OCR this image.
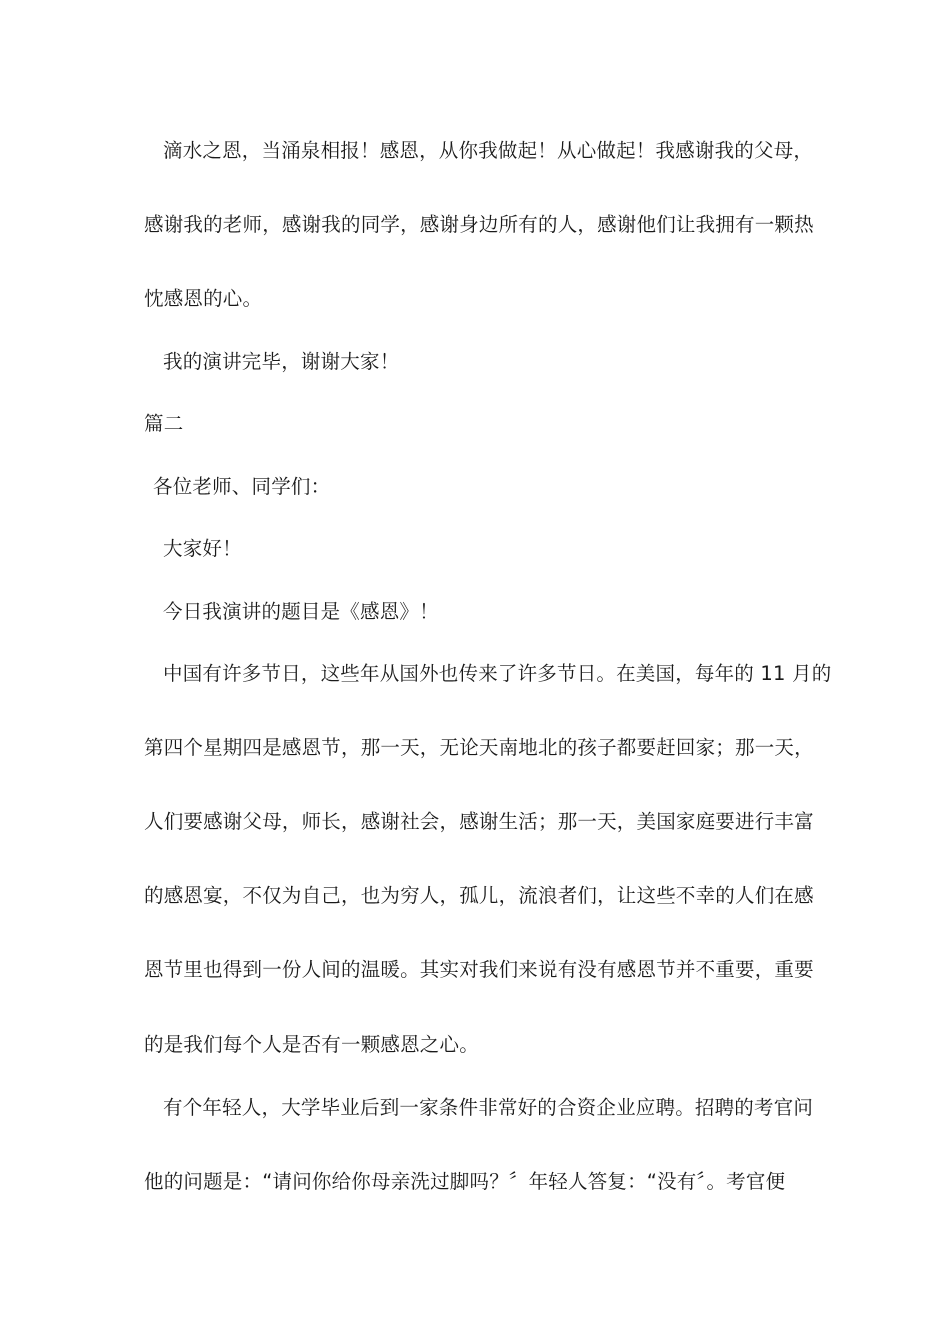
滴水之恩，当涌泉相报！感恩，从你我做起！从心做起！我感谢我的父母，
感谢我的老师，感谢我的同学，感谢身边所有的人，感谢他们让我拥有一颗热
忱感恩的心。
我的演讲完毕，谢谢大家！
篇二
各位老师、同学们：
大家好！
今日我演讲的题目是《感恩》！
中国有许多节日，这些年从国外也传来了许多节日。在美国，每年的 11 月的
第四个星期四是感恩节，那一天，无论天南地北的孩子都要赶回家；那一天，
人们要感谢父母，师长，感谢社会，感谢生活；那一天，美国家庭要进行丰富
的感恩宴，不仅为自己，也为穷人，孤儿，流浪者们，让这些不幸的人们在感
恩节里也得到一份人间的温暖。其实对我们来说有没有感恩节并不重要，重要
的是我们每个人是否有一颗感恩之心。
有个年轻人，大学毕业后到一家条件非常好的合资企业应聘。招聘的考官问
他的问题是：“请问你给你母亲洗过脚吗？〞年轻人答复：“没有〞。考官便
